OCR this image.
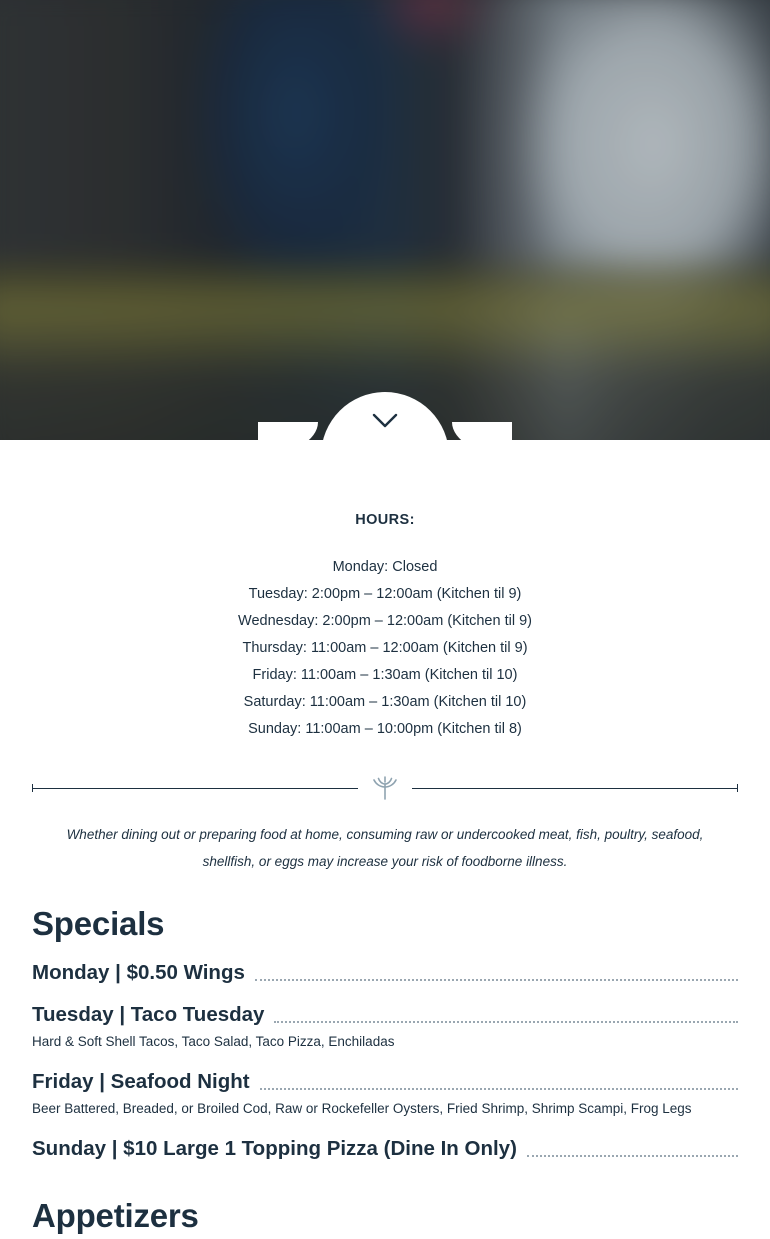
HOURS:
Monday: Closed
Tuesday: 2:00pm – 12:00am (Kitchen til 9)
Wednesday: 2:00pm – 12:00am (Kitchen til 9)
Thursday: 11:00am – 12:00am (Kitchen til 9)
Friday: 11:00am – 1:30am (Kitchen til 10)
Saturday: 11:00am – 1:30am (Kitchen til 10)
Sunday: 11:00am – 10:00pm (Kitchen til 8)
Whether dining out or preparing food at home, consuming raw or undercooked meat, fish, poultry, seafood, shellfish, or eggs may increase your risk of foodborne illness.
Specials
Monday | $0.50 Wings
Tuesday | Taco Tuesday
Hard & Soft Shell Tacos, Taco Salad, Taco Pizza, Enchiladas
Friday | Seafood Night
Beer Battered, Breaded, or Broiled Cod, Raw or Rockefeller Oysters, Fried Shrimp, Shrimp Scampi, Frog Legs
Sunday | $10 Large 1 Topping Pizza (Dine In Only)
Appetizers
